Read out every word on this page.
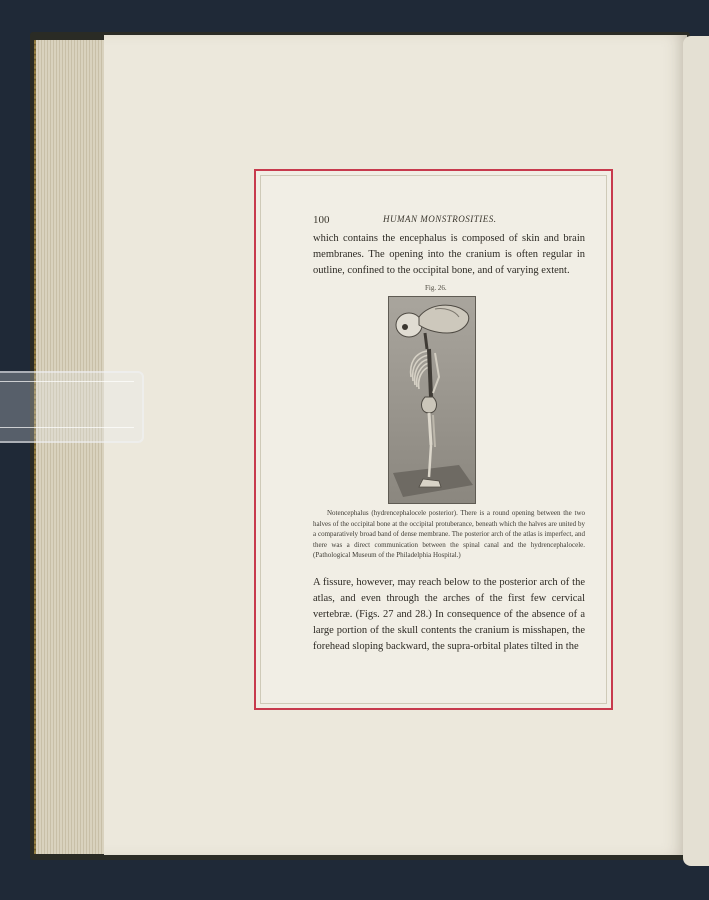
100	HUMAN MONSTROSITIES.

which contains the encephalus is composed of skin and brain membranes. The opening into the cranium is often regular in outline, confined to the occipital bone, and of varying extent.

Fig. 26.

Notencephalus (hydrencephalocele posterior). There is a round opening between the two halves of the occipital bone at the occipital protuberance, beneath which the halves are united by a comparatively broad band of dense membrane. The posterior arch of the atlas is imperfect, and there was a direct communication between the spinal canal and the hydrencephalocele. (Pathological Museum of the Philadelphia Hospital.)

A fissure, however, may reach below to the posterior arch of the atlas, and even through the arches of the first few cervical vertebræ. (Figs. 27 and 28.) In consequence of the absence of a large portion of the skull contents the cranium is misshapen, the forehead sloping backward, the supra-orbital plates tilted in the
